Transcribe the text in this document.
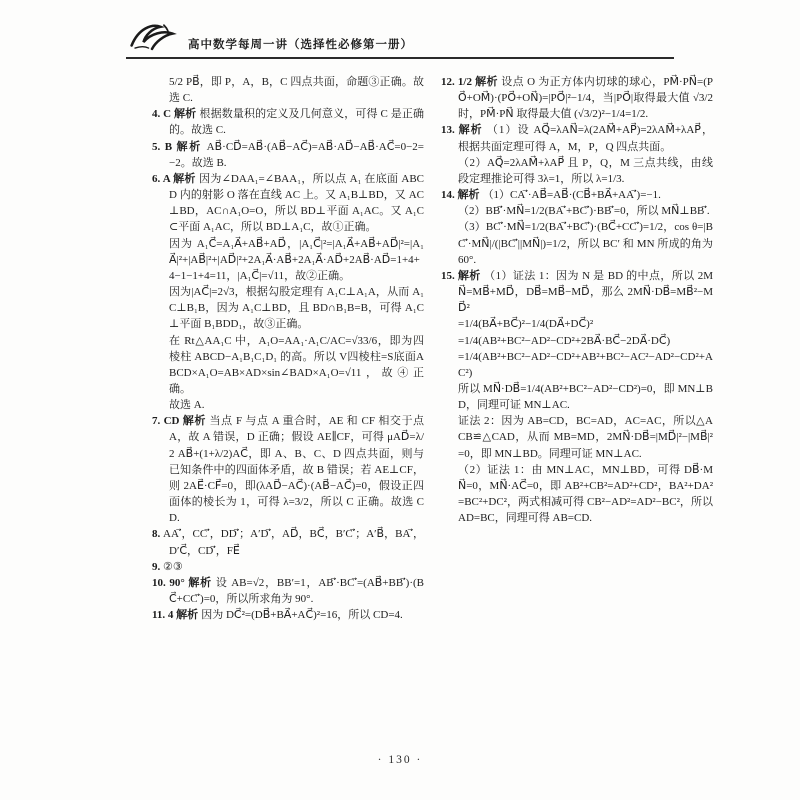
高中数学每周一讲（选择性必修第一册）
5/2 PB⃗，即 P，A，B，C 四点共面，命题③正确。故选 C.
4. C 解析 根据数量积的定义及几何意义，可得 C 是正确的。故选 C.
5. B 解析 AB⃗·CD⃗=AB⃗·(AB⃗−AC⃗)=AB⃗·AD⃗−AB⃗·AC⃗=0−2=−2。故选 B.
6. A 解析 因为∠DAA₁=∠BAA₁，所以点 A₁ 在底面 ABCD 内的射影 O 落在直线 AC 上。又 A₁B⊥BD，又 AC⊥BD，AC∩A₁O=O，所以 BD⊥平面 A₁AC。又 A₁C⊂平面 A₁AC，所以 BD⊥A₁C，故①正确。
因为 A₁C⃗=A₁A⃗+AB⃗+AD⃗，|A₁C⃗|²=|A₁A⃗+AB⃗+AD⃗|²=|A₁A⃗|²+|AB⃗|²+|AD⃗|²+2A₁A⃗·AB⃗+2A₁A⃗·AD⃗+2AB⃗·AD⃗=1+4+4−1−1+4=11，|A₁C⃗|=√11，故②正确。
因为|AC⃗|=2√3，根据勾股定理有 A₁C⊥A₁A，从而 A₁C⊥B₁B，因为 A₁C⊥BD，且 BD∩B₁B=B，可得 A₁C⊥平面 B₁BDD₁，故③正确。
在 Rt△AA₁C 中，A₁O=AA₁·A₁C/AC=√33/6，即为四棱柱 ABCD−A₁B₁C₁D₁ 的高。所以 V四棱柱=S底面ABCD×A₁O=AB×AD×sin∠BAD×A₁O=√11，故④正确。
故选 A.
7. CD 解析 当点 F 与点 A 重合时，AE 和 CF 相交于点 A，故 A 错误，D 正确；假设 AE∥CF，可得 μAD⃗=λ/2 AB⃗+(1+λ/2)AC⃗，即 A、B、C、D 四点共面，则与已知条件中的四面体矛盾，故 B 错误；若 AE⊥CF，则 2AE⃗·CF⃗=0，即(λAD⃗−AC⃗)·(AB⃗−AC⃗)=0，假设正四面体的棱长为 1，可得 λ=3/2，所以 C 正确。故选 CD.
8. AA′⃗，CC′⃗，DD′⃗；A′D′⃗，AD⃗，BC⃗，B′C′⃗；A′B⃗，BA′⃗，D′C⃗，CD′⃗，FE⃗
9. ②③
10. 90° 解析 设 AB=√2，BB′=1，AB′⃗·BC′⃗=(AB⃗+BB′⃗)·(BC⃗+CC′⃗)=0，所以所求角为 90°.
11. 4 解析 因为 DC⃗²=(DB⃗+BA⃗+AC⃗)²=16，所以 CD=4.
12. 1/2 解析 设点 O 为正方体内切球的球心，PM⃗·PN⃗=(PO⃗+OM⃗)·(PO⃗+ON⃗)=|PO⃗|²−1/4，当|PO⃗|取得最大值 √3/2 时，PM⃗·PN⃗ 取得最大值 (√3/2)²−1/4=1/2.
13. 解析 （1）设 AQ⃗=λAN⃗=λ(2AM⃗+AP⃗)=2λAM⃗+λAP⃗，根据共面定理可得 A，M，P，Q 四点共面。
（2）AQ⃗=2λAM⃗+λAP⃗ 且 P，Q，M 三点共线，由线段定理推论可得 3λ=1，所以 λ=1/3.
14. 解析 （1）CA′⃗·AB⃗=AB⃗·(CB⃗+BA⃗+AA′⃗)=−1.
（2）BB′⃗·MN⃗=1/2(BA′⃗+BC′⃗)·BB′⃗=0，所以 MN⃗⊥BB′⃗.
（3）BC′⃗·MN⃗=1/2(BA′⃗+BC′⃗)·(BC⃗+CC′⃗)=1/2，cos θ=|BC′⃗·MN⃗|/(|BC′⃗||MN⃗|)=1/2，所以 BC′ 和 MN 所成的角为 60°.
15. 解析 （1）证法 1：因为 N 是 BD 的中点，所以 2MN⃗=MB⃗+MD⃗，DB⃗=MB⃗−MD⃗，那么 2MN⃗·DB⃗=MB⃗²−MD⃗²
=1/4(BA⃗+BC⃗)²−1/4(DA⃗+DC⃗)²
=1/4(AB²+BC²−AD²−CD²+2BA⃗·BC⃗−2DA⃗·DC⃗)
=1/4(AB²+BC²−AD²−CD²+AB²+BC²−AC²−AD²−CD²+AC²)
所以 MN⃗·DB⃗=1/4(AB²+BC²−AD²−CD²)=0，即 MN⊥BD，同理可证 MN⊥AC.
证法 2：因为 AB=CD，BC=AD，AC=AC，所以△ACB≌△CAD，从而 MB=MD，2MN⃗·DB⃗=|MD⃗|²−|MB⃗|²=0，即 MN⊥BD。同理可证 MN⊥AC.
（2）证法 1：由 MN⊥AC，MN⊥BD，可得 DB⃗·MN⃗=0，MN⃗·AC⃗=0，即 AB²+CB²=AD²+CD²，BA²+DA²=BC²+DC²，两式相减可得 CB²−AD²=AD²−BC²，所以 AD=BC，同理可得 AB=CD.
· 130 ·
